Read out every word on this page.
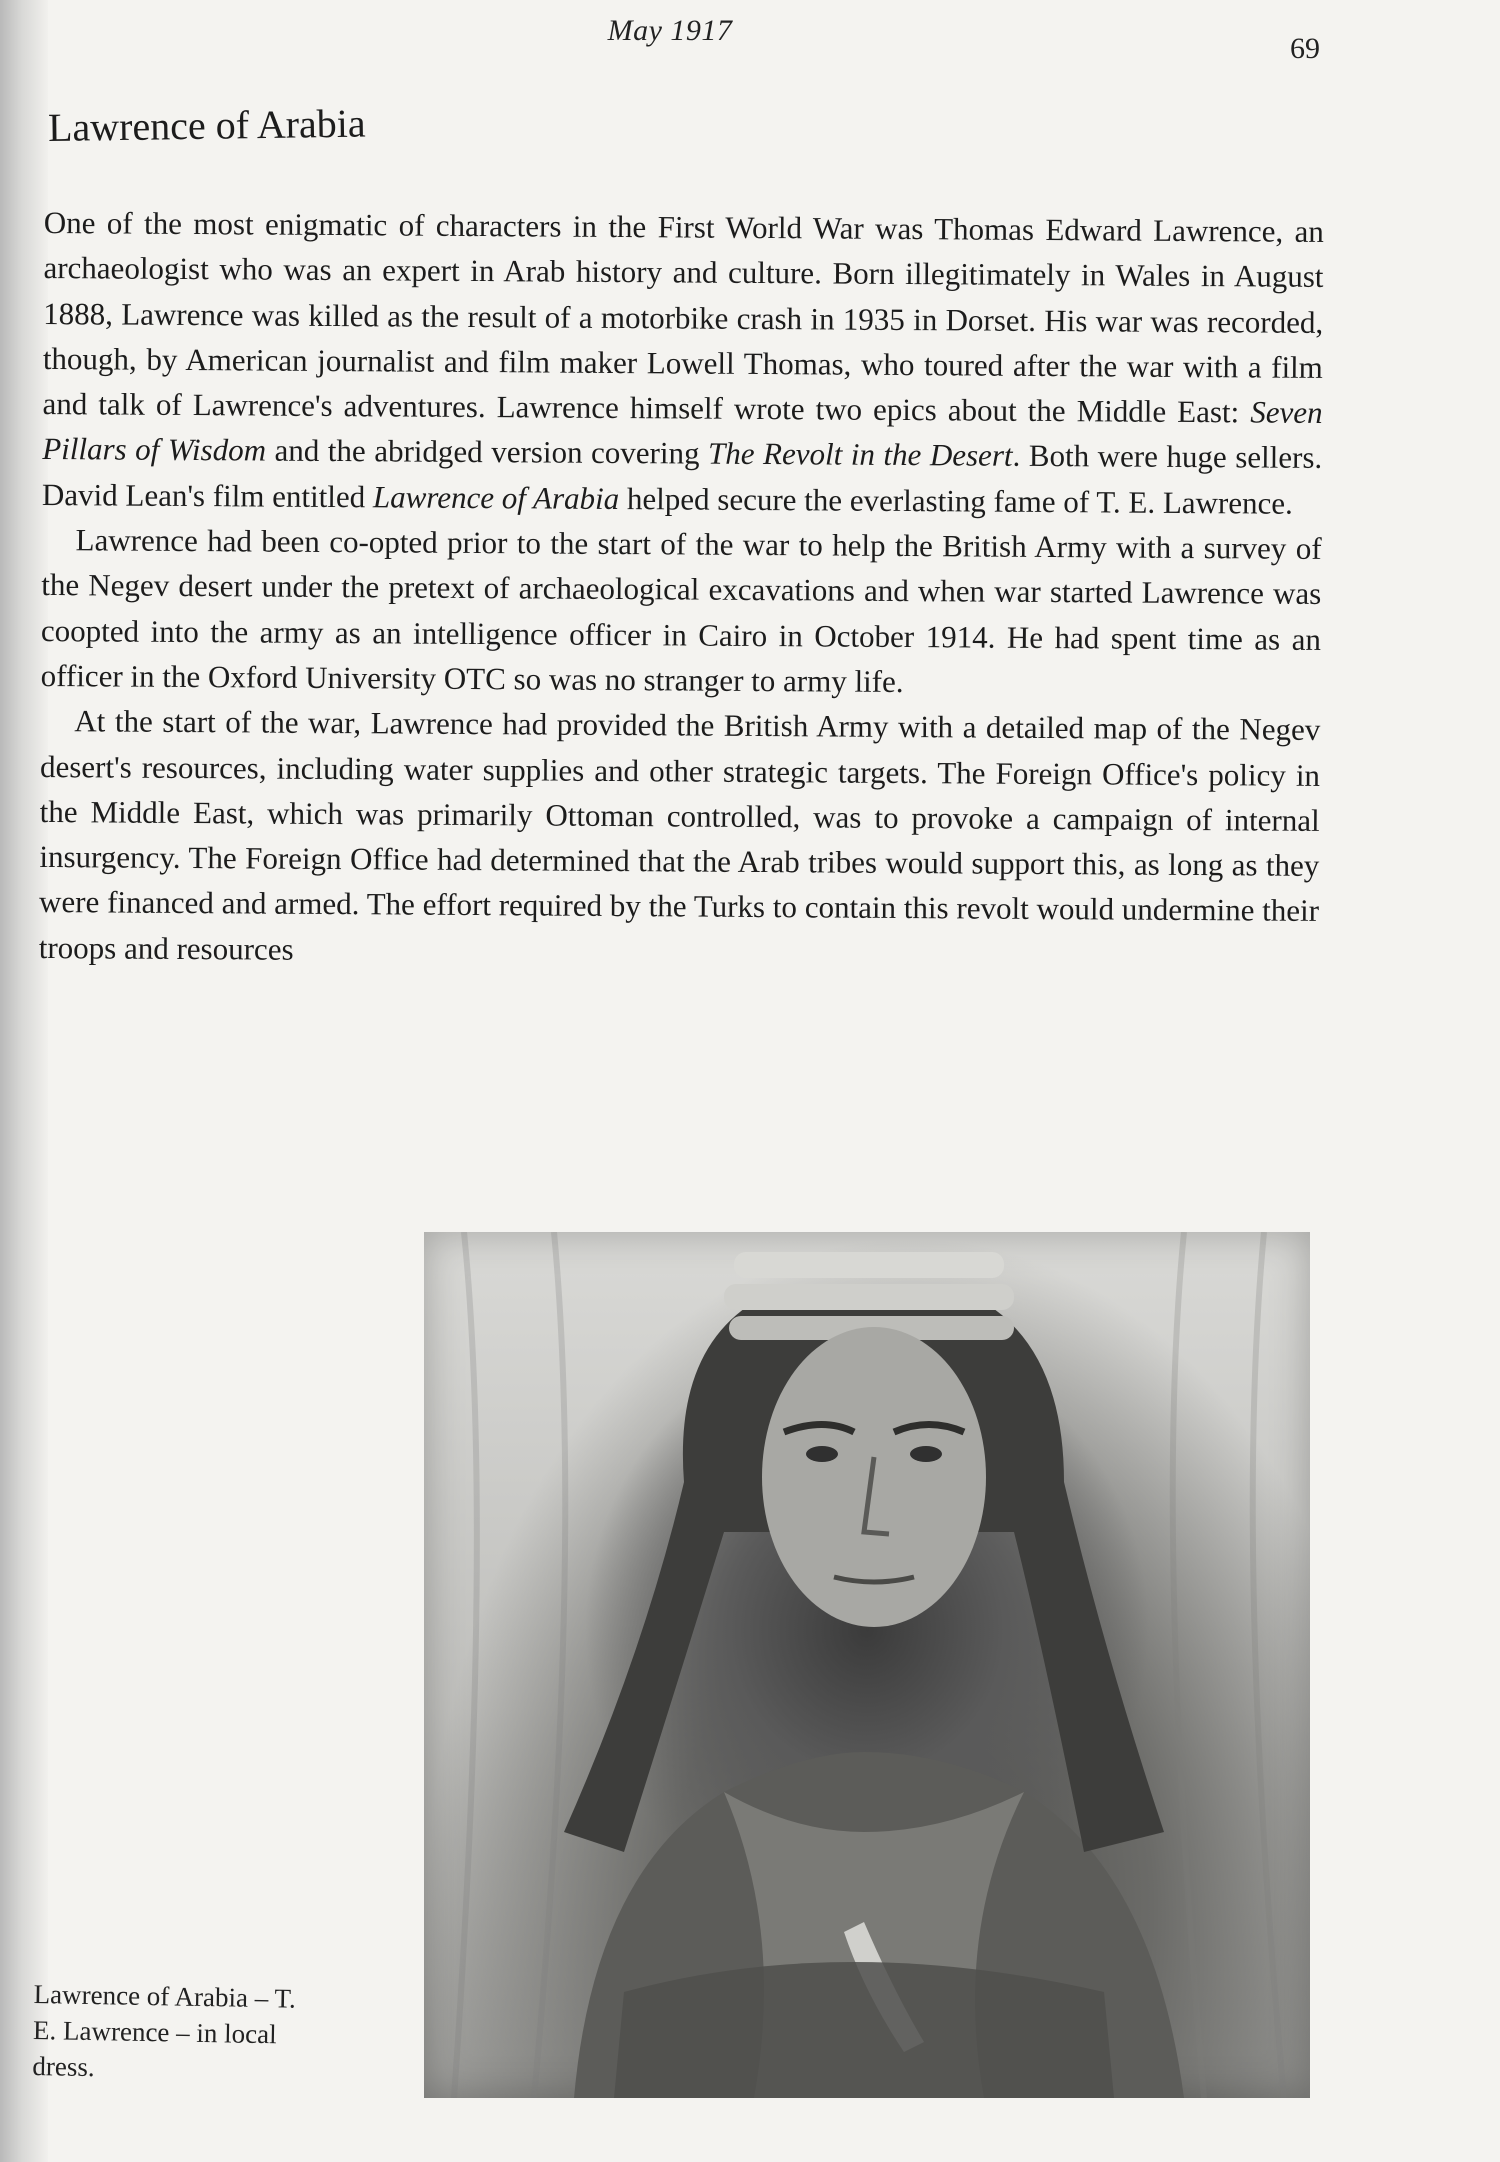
May 1917
69
Lawrence of Arabia

One of the most enigmatic of characters in the First World War was Thomas Edward Lawrence, an archaeologist who was an expert in Arab history and culture. Born illegitimately in Wales in August 1888, Lawrence was killed as the result of a motorbike crash in 1935 in Dorset. His war was recorded, though, by American journalist and film maker Lowell Thomas, who toured after the war with a film and talk of Lawrence's adventures. Lawrence himself wrote two epics about the Middle East: Seven Pillars of Wisdom and the abridged version covering The Revolt in the Desert. Both were huge sellers. David Lean's film entitled Lawrence of Arabia helped secure the everlasting fame of T. E. Lawrence.

Lawrence had been co-opted prior to the start of the war to help the British Army with a survey of the Negev desert under the pretext of archaeological excavations and when war started Lawrence was coopted into the army as an intelligence officer in Cairo in October 1914. He had spent time as an officer in the Oxford University OTC so was no stranger to army life.

At the start of the war, Lawrence had provided the British Army with a detailed map of the Negev desert's resources, including water supplies and other strategic targets. The Foreign Office's policy in the Middle East, which was primarily Ottoman controlled, was to provoke a campaign of internal insurgency. The Foreign Office had determined that the Arab tribes would support this, as long as they were financed and armed. The effort required by the Turks to contain this revolt would undermine their troops and resources

Lawrence of Arabia – T.
E. Lawrence – in local
dress.
